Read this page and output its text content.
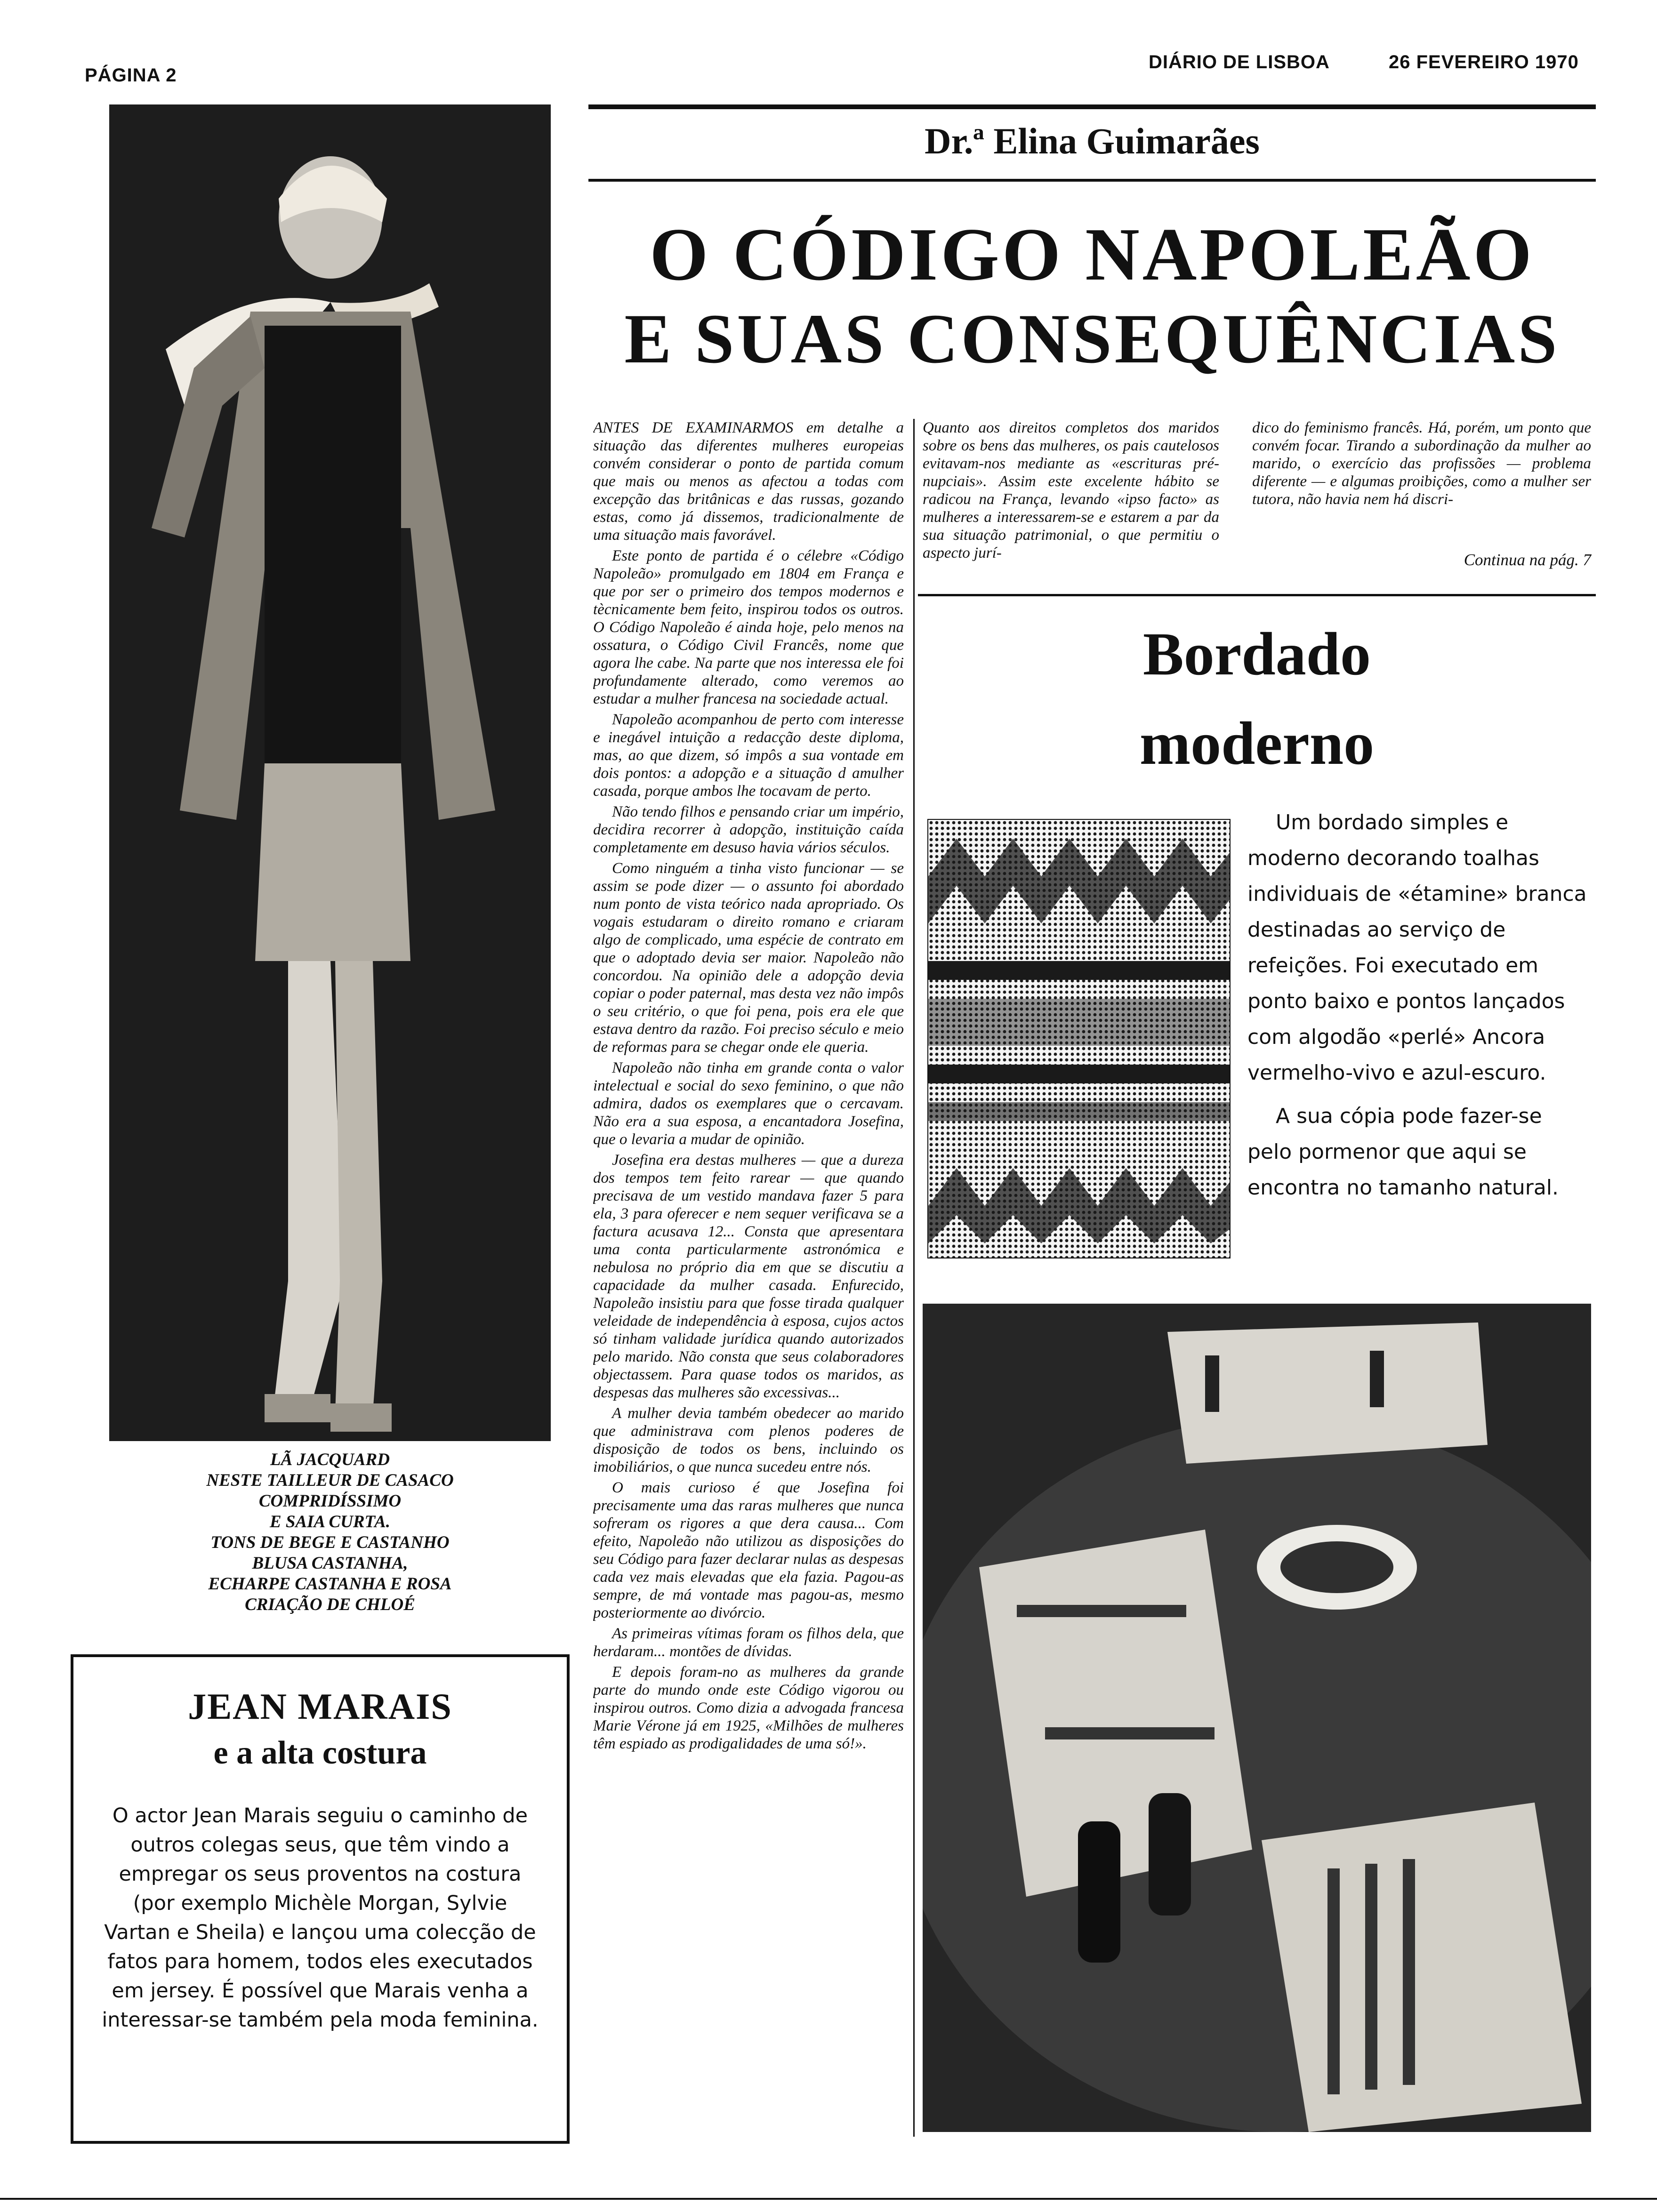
PÁGINA 2
DIÁRIO DE LISBOA	26 FEVEREIRO 1970
LÃ JACQUARD
NESTE TAILLEUR DE CASACO
COMPRIDÍSSIMO
E SAIA CURTA.
TONS DE BEGE E CASTANHO
BLUSA CASTANHA,
ECHARPE CASTANHA E ROSA
CRIAÇÃO DE CHLOÉ
JEAN MARAIS
e a alta costura

O actor Jean Marais seguiu o caminho de outros colegas seus, que têm vindo a empregar os seus proventos na costura (por exemplo Michèle Morgan, Sylvie Vartan e Sheila) e lançou uma colecção de fatos para homem, todos eles executados em jersey. É possível que Marais venha a interessar-se também pela moda feminina.

Dr.ª Elina Guimarães
O CÓDIGO NAPOLEÃO
E SUAS CONSEQUÊNCIAS

ANTES DE EXAMINARMOS em detalhe a situação das diferentes mulheres europeias convém considerar o ponto de partida comum que mais ou menos as afectou a todas com excepção das britânicas e das russas, gozando estas, como já dissemos, tradicionalmente de uma situação mais favorável.

Este ponto de partida é o célebre «Código Napoleão» promulgado em 1804 em França e que por ser o primeiro dos tempos modernos e tècnicamente bem feito, inspirou todos os outros. O Código Napoleão é ainda hoje, pelo menos na ossatura, o Código Civil Francês, nome que agora lhe cabe. Na parte que nos interessa ele foi profundamente alterado, como veremos ao estudar a mulher francesa na sociedade actual.

Napoleão acompanhou de perto com interesse e inegável intuição a redacção deste diploma, mas, ao que dizem, só impôs a sua vontade em dois pontos: a adopção e a situação d amulher casada, porque ambos lhe tocavam de perto.

Não tendo filhos e pensando criar um império, decidira recorrer à adopção, instituição caída completamente em desuso havia vários séculos.

Como ninguém a tinha visto funcionar — se assim se pode dizer — o assunto foi abordado num ponto de vista teórico nada apropriado. Os vogais estudaram o direito romano e criaram algo de complicado, uma espécie de contrato em que o adoptado devia ser maior. Napoleão não concordou. Na opinião dele a adopção devia copiar o poder paternal, mas desta vez não impôs o seu critério, o que foi pena, pois era ele que estava dentro da razão. Foi preciso século e meio de reformas para se chegar onde ele queria.

Napoleão não tinha em grande conta o valor intelectual e social do sexo feminino, o que não admira, dados os exemplares que o cercavam. Não era a sua esposa, a encantadora Josefina, que o levaria a mudar de opinião.

Josefina era destas mulheres — que a dureza dos tempos tem feito rarear — que quando precisava de um vestido mandava fazer 5 para ela, 3 para oferecer e nem sequer verificava se a factura acusava 12... Consta que apresentara uma conta particularmente astronómica e nebulosa no próprio dia em que se discutiu a capacidade da mulher casada. Enfurecido, Napoleão insistiu para que fosse tirada qualquer veleidade de independência à esposa, cujos actos só tinham validade jurídica quando autorizados pelo marido. Não consta que seus colaboradores objectassem. Para quase todos os maridos, as despesas das mulheres são excessivas...

A mulher devia também obedecer ao marido que administrava com plenos poderes de disposição de todos os bens, incluindo os imobiliários, o que nunca sucedeu entre nós.

O mais curioso é que Josefina foi precisamente uma das raras mulheres que nunca sofreram os rigores a que dera causa... Com efeito, Napoleão não utilizou as disposições do seu Código para fazer declarar nulas as despesas cada vez mais elevadas que ela fazia. Pagou-as sempre, de má vontade mas pagou-as, mesmo posteriormente ao divórcio.

As primeiras vítimas foram os filhos dela, que herdaram... montões de dívidas.

E depois foram-no as mulheres da grande parte do mundo onde este Código vigorou ou inspirou outros. Como dizia a advogada francesa Marie Vérone já em 1925, «Milhões de mulheres têm espiado as prodigalidades de uma só!».

Quanto aos direitos completos dos maridos sobre os bens das mulheres, os pais cautelosos evitavam-nos mediante as «escrituras pré-nupciais». Assim este excelente hábito se radicou na França, levando «ipso facto» as mulheres a interessarem-se e estarem a par da sua situação patrimonial, o que permitiu o aspecto jurí-

dico do feminismo francês. Há, porém, um ponto que convém focar. Tirando a subordinação da mulher ao marido, o exercício das profissões — problema diferente — e algumas proibições, como a mulher ser tutora, não havia nem há discri-

Continua na pág. 7
Bordado
moderno

Um bordado simples e moderno decorando toalhas individuais de «étamine» branca destinadas ao serviço de refeições. Foi executado em ponto baixo e pontos lançados com algodão «perlé» Ancora vermelho-vivo e azul-escuro.

A sua cópia pode fazer-se pelo pormenor que aqui se encontra no tamanho natural.
